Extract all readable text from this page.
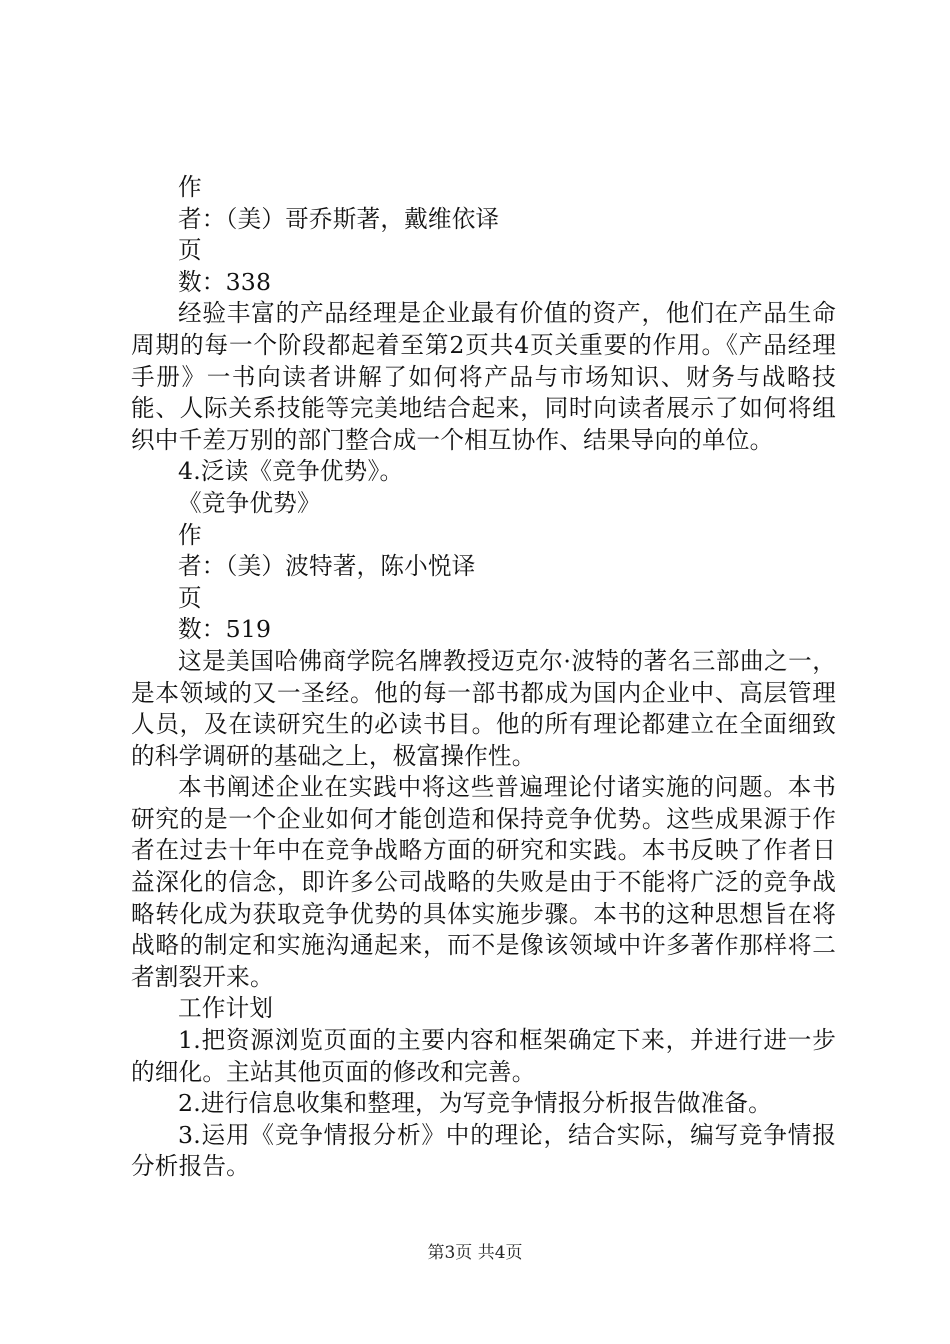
作

者：（美）哥乔斯著，戴维依译

页

数：338

经验丰富的产品经理是企业最有价值的资产，他们在产品生命周期的每一个阶段都起着至第2页共4页关重要的作用。《产品经理手册》一书向读者讲解了如何将产品与市场知识、财务与战略技能、人际关系技能等完美地结合起来，同时向读者展示了如何将组织中千差万别的部门整合成一个相互协作、结果导向的单位。

4.泛读《竞争优势》。

《竞争优势》

作

者：（美）波特著，陈小悦译

页

数：519

这是美国哈佛商学院名牌教授迈克尔·波特的著名三部曲之一，是本领域的又一圣经。他的每一部书都成为国内企业中、高层管理人员，及在读研究生的必读书目。他的所有理论都建立在全面细致的科学调研的基础之上，极富操作性。

本书阐述企业在实践中将这些普遍理论付诸实施的问题。本书研究的是一个企业如何才能创造和保持竞争优势。这些成果源于作者在过去十年中在竞争战略方面的研究和实践。本书反映了作者日益深化的信念，即许多公司战略的失败是由于不能将广泛的竞争战略转化成为获取竞争优势的具体实施步骤。本书的这种思想旨在将战略的制定和实施沟通起来，而不是像该领域中许多著作那样将二者割裂开来。

工作计划

1.把资源浏览页面的主要内容和框架确定下来，并进行进一步的细化。主站其他页面的修改和完善。

2.进行信息收集和整理，为写竞争情报分析报告做准备。

3.运用《竞争情报分析》中的理论，结合实际，编写竞争情报分析报告。

第3页 共4页
